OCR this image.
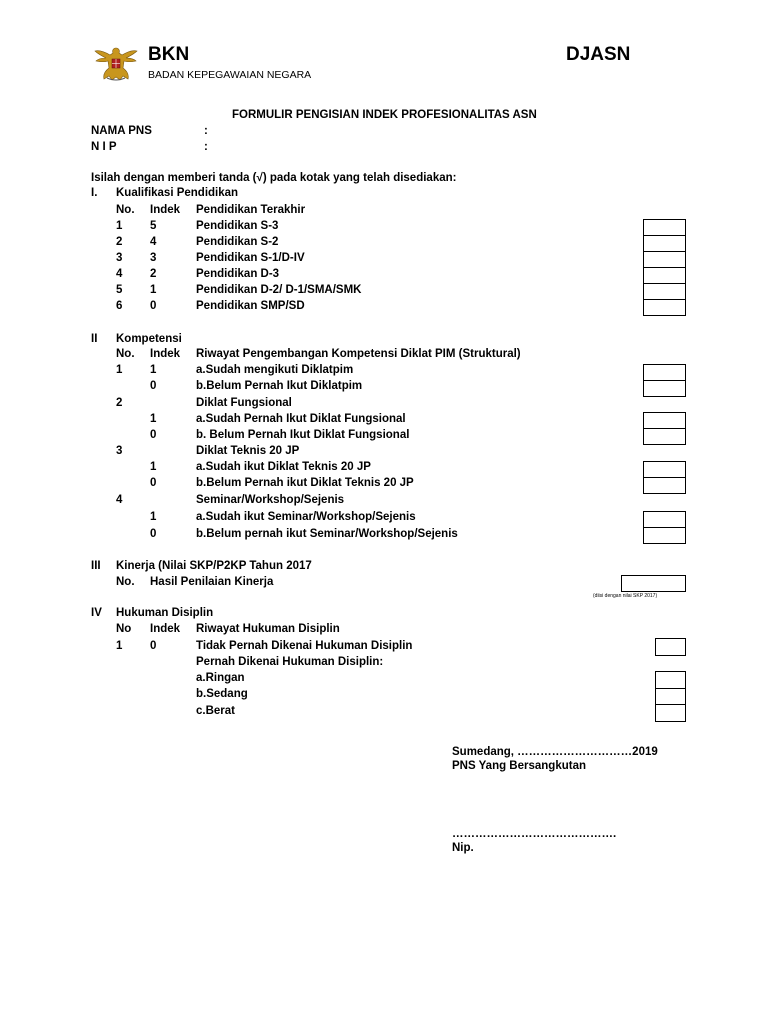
BKN
BADAN KEPEGAWAIAN NEGARA
DJASN
FORMULIR PENGISIAN INDEK PROFESIONALITAS ASN
NAMA PNS	:
N I P	:
Isilah dengan memberi tanda (√) pada kotak yang telah disediakan:
I. Kualifikasi Pendidikan
No. Indek Pendidikan Terakhir
1 5	Pendidikan S-3
2 4	Pendidikan S-2
3 3	Pendidikan S-1/D-IV
4 2	Pendidikan D-3
5 1	Pendidikan D-2/ D-1/SMA/SMK
6 0	Pendidikan SMP/SD
II Kompetensi
No. Indek Riwayat Pengembangan Kompetensi Diklat PIM (Struktural)
1 1	a.Sudah mengikuti Diklatpim
0	b.Belum Pernah Ikut Diklatpim
2	Diklat Fungsional
1	a.Sudah Pernah Ikut Diklat Fungsional
0	b. Belum Pernah Ikut Diklat Fungsional
3	Diklat Teknis 20 JP
1	a.Sudah ikut Diklat Teknis 20 JP
0	b.Belum Pernah ikut Diklat Teknis 20 JP
4	Seminar/Workshop/Sejenis
1	a.Sudah ikut Seminar/Workshop/Sejenis
0	b.Belum pernah ikut Seminar/Workshop/Sejenis
III Kinerja (Nilai SKP/P2KP Tahun 2017
No. Hasil Penilaian Kinerja
(diisi dengan nilai SKP 2017)
IV Hukuman Disiplin
No Indek Riwayat Hukuman Disiplin
1 0	Tidak Pernah Dikenai Hukuman Disiplin
Pernah Dikenai Hukuman Disiplin:
a.Ringan
b.Sedang
c.Berat
Sumedang, …………………………2019
PNS Yang Bersangkutan
…………………………………….
Nip.
